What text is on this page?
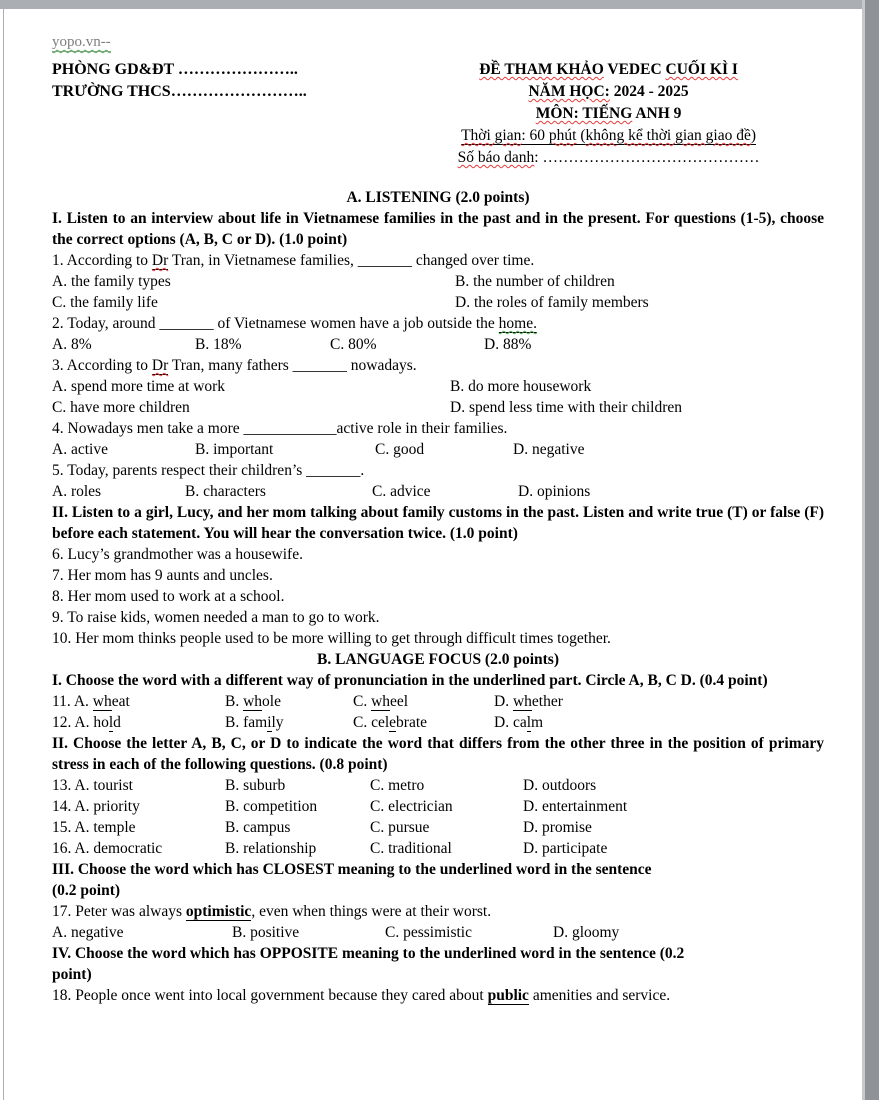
yopo.vn--
PHÒNG GD&ĐT …………………..
TRƯỜNG THCS……………………..
ĐỀ THAM KHẢO VEDEC CUỐI KÌ I
NĂM HỌC: 2024 - 2025
MÔN: TIẾNG ANH 9
Thời gian: 60 phút (không kể thời gian giao đề)
Số báo danh: ……………………………………
A. LISTENING (2.0 points)
I. Listen to an interview about life in Vietnamese families in the past and in the present. For questions (1-5), choose the correct options (A, B, C or D). (1.0 point)
1. According to Dr Tran, in Vietnamese families, _______ changed over time.
A. the family types	B. the number of children
C. the family life	D. the roles of family members
2. Today, around _______ of Vietnamese women have a job outside the home.
A. 8%	B. 18%	C. 80%	D. 88%
3. According to Dr Tran, many fathers _______ nowadays.
A. spend more time at work	B. do more housework
C. have more children	D. spend less time with their children
4. Nowadays men take a more ____________active role in their families.
A. active	B. important	C. good	D. negative
5. Today, parents respect their children’s _______.
A. roles	B. characters	C. advice	D. opinions
II. Listen to a girl, Lucy, and her mom talking about family customs in the past. Listen and write true (T) or false (F) before each statement. You will hear the conversation twice. (1.0 point)
6. Lucy’s grandmother was a housewife.
7. Her mom has 9 aunts and uncles.
8. Her mom used to work at a school.
9. To raise kids, women needed a man to go to work.
10. Her mom thinks people used to be more willing to get through difficult times together.
B. LANGUAGE FOCUS (2.0 points)
I. Choose the word with a different way of pronunciation in the underlined part. Circle A, B, C D. (0.4 point)
11. A. wheat	B. whole	C. wheel	D. whether
12. A. hold	B. family	C. celebrate	D. calm
II. Choose the letter A, B, C, or D to indicate the word that differs from the other three in the position of primary stress in each of the following questions. (0.8 point)
13. A. tourist	B. suburb	C. metro	D. outdoors
14. A. priority	B. competition	C. electrician	D. entertainment
15. A. temple	B. campus	C. pursue	D. promise
16. A. democratic	B. relationship	C. traditional	D. participate
III. Choose the word which has CLOSEST meaning to the underlined word in the sentence
(0.2 point)
17. Peter was always optimistic, even when things were at their worst.
A. negative	B. positive	C. pessimistic	D. gloomy
IV. Choose the word which has OPPOSITE meaning to the underlined word in the sentence (0.2
point)
18. People once went into local government because they cared about public amenities and service.
